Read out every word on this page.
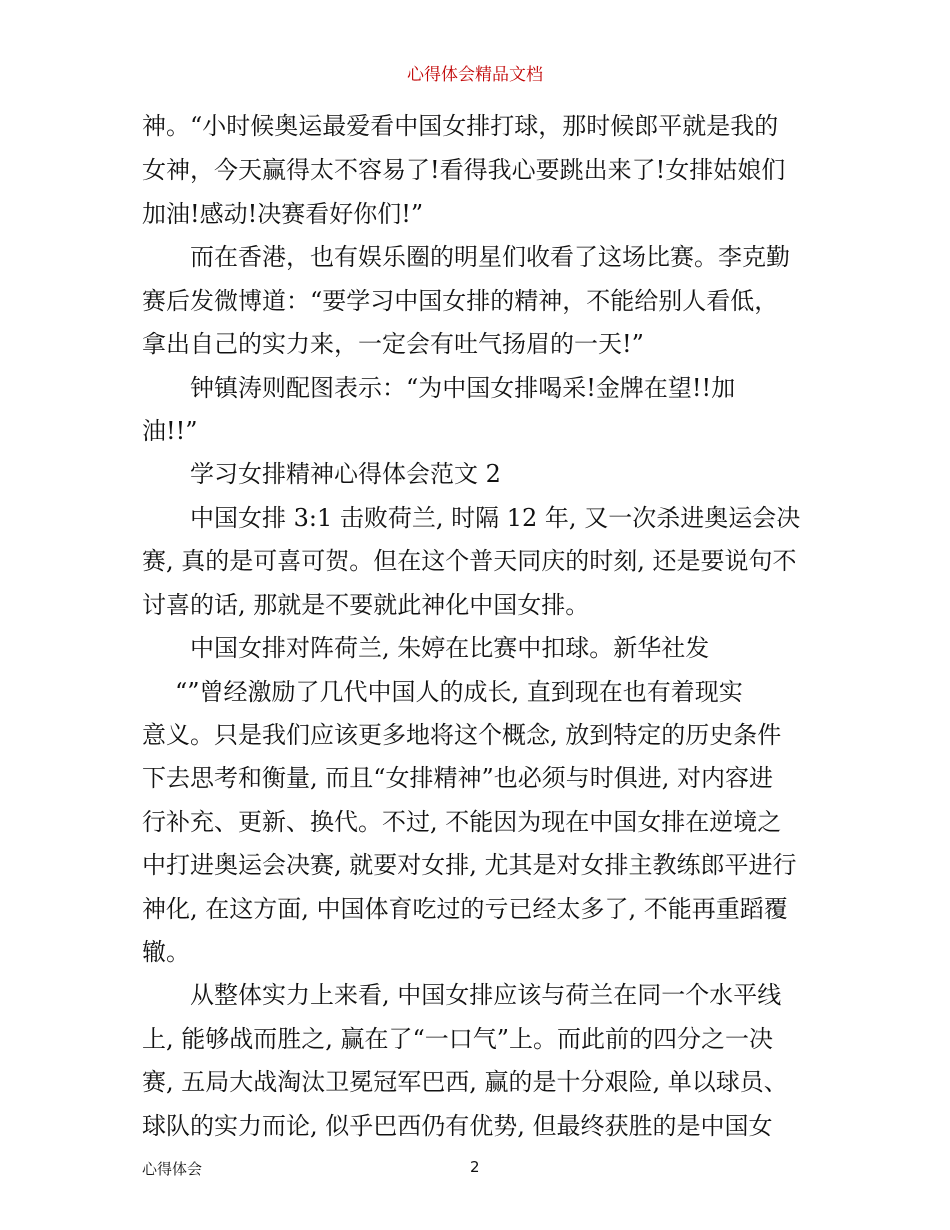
心得体会精品文档
神。“小时候奥运最爱看中国女排打球，那时候郎平就是我的
女神，今天赢得太不容易了!看得我心要跳出来了!女排姑娘们
加油!感动!决赛看好你们!”
而在香港，也有娱乐圈的明星们收看了这场比赛。李克勤
赛后发微博道：“要学习中国女排的精神，不能给别人看低，
拿出自己的实力来，一定会有吐气扬眉的一天!”
钟镇涛则配图表示：“为中国女排喝采!金牌在望!!加
油!!”
学习女排精神心得体会范文 2
中国女排 3:1 击败荷兰, 时隔 12 年, 又一次杀进奥运会决
赛, 真的是可喜可贺。但在这个普天同庆的时刻, 还是要说句不
讨喜的话, 那就是不要就此神化中国女排。
中国女排对阵荷兰, 朱婷在比赛中扣球。新华社发
“”曾经激励了几代中国人的成长, 直到现在也有着现实
意义。只是我们应该更多地将这个概念, 放到特定的历史条件
下去思考和衡量, 而且“女排精神”也必须与时俱进, 对内容进
行补充、更新、换代。不过, 不能因为现在中国女排在逆境之
中打进奥运会决赛, 就要对女排, 尤其是对女排主教练郎平进行
神化, 在这方面, 中国体育吃过的亏已经太多了, 不能再重蹈覆
辙。
从整体实力上来看, 中国女排应该与荷兰在同一个水平线
上, 能够战而胜之, 赢在了“一口气”上。而此前的四分之一决
赛, 五局大战淘汰卫冕冠军巴西, 赢的是十分艰险, 单以球员、
球队的实力而论, 似乎巴西仍有优势, 但最终获胜的是中国女
心得体会	2
